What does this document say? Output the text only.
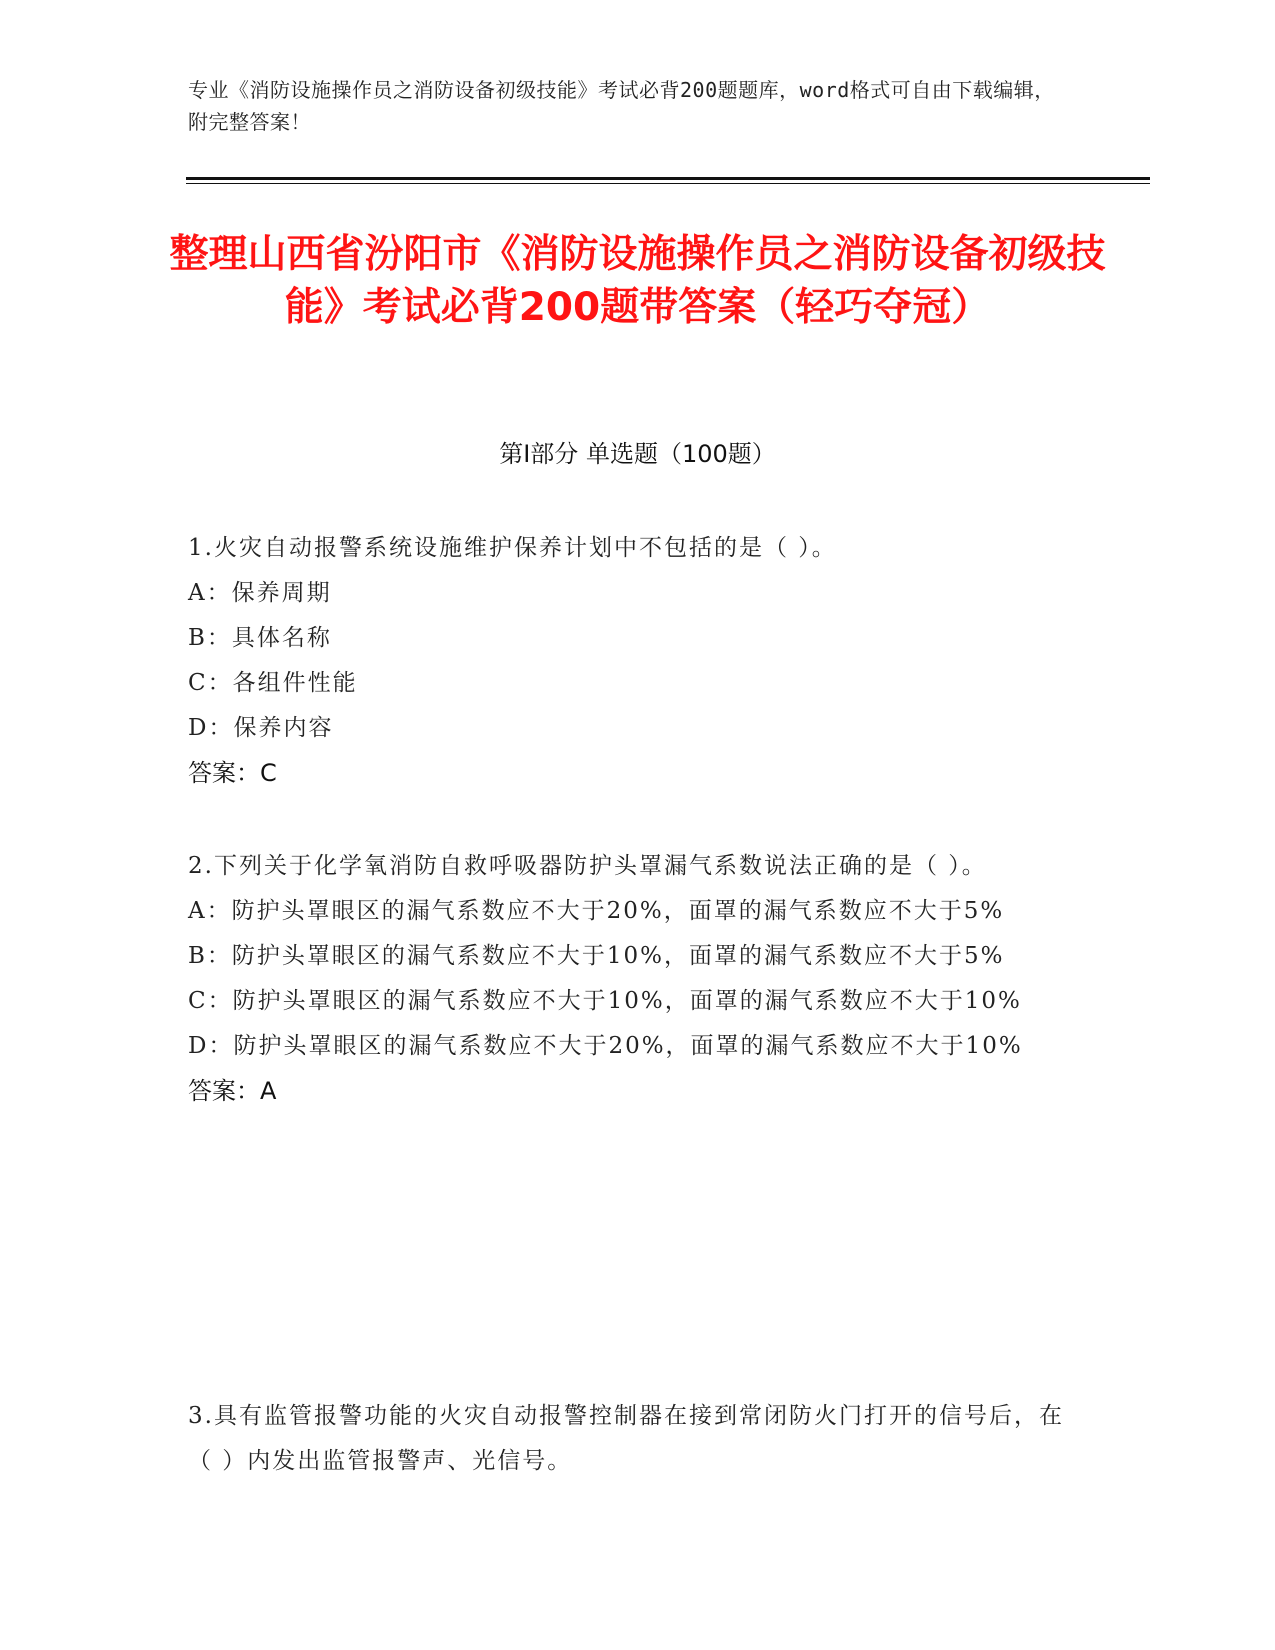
专业《消防设施操作员之消防设备初级技能》考试必背200题题库，word格式可自由下载编辑，附完整答案！
整理山西省汾阳市《消防设施操作员之消防设备初级技能》考试必背200题带答案（轻巧夺冠）
第Ⅰ部分 单选题（100题）
1.火灾自动报警系统设施维护保养计划中不包括的是（ ）。
A：保养周期
B：具体名称
C：各组件性能
D：保养内容
答案：C
2.下列关于化学氧消防自救呼吸器防护头罩漏气系数说法正确的是（ ）。
A：防护头罩眼区的漏气系数应不大于20%，面罩的漏气系数应不大于5%
B：防护头罩眼区的漏气系数应不大于10%，面罩的漏气系数应不大于5%
C：防护头罩眼区的漏气系数应不大于10%，面罩的漏气系数应不大于10%
D：防护头罩眼区的漏气系数应不大于20%，面罩的漏气系数应不大于10%
答案：A
3.具有监管报警功能的火灾自动报警控制器在接到常闭防火门打开的信号后，在（ ）内发出监管报警声、光信号。
